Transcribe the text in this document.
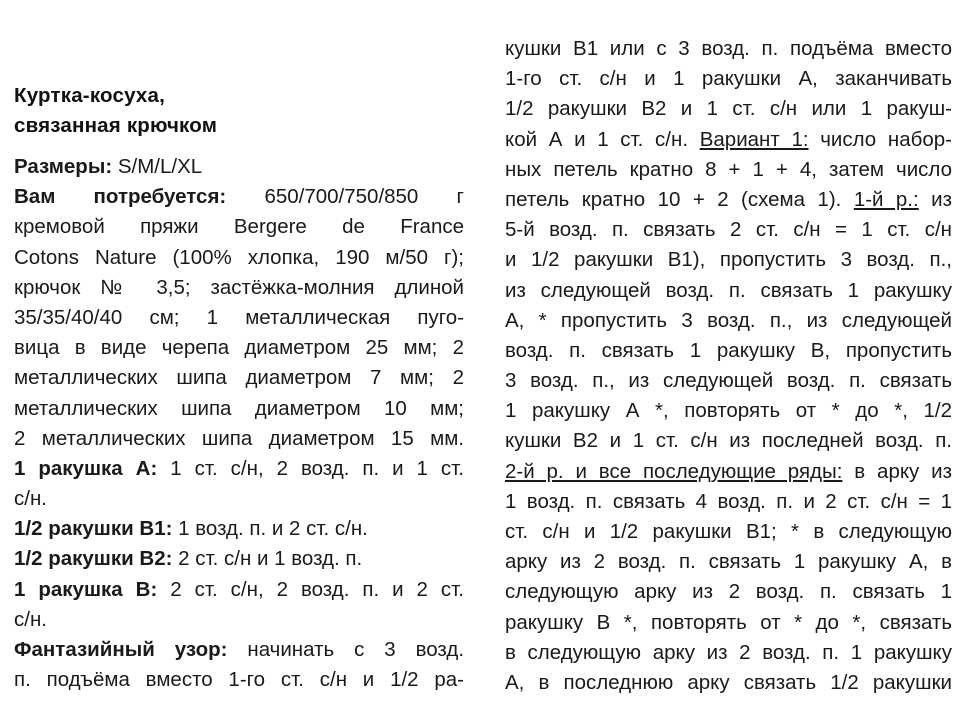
Куртка-косуха,
связанная крючком
Размеры: S/M/L/XL
Вам потребуется: 650/700/750/850 г
кремовой пряжи Bergere de France
Cotons Nature (100% хлопка, 190 м/50 г);
крючок № 3,5; застёжка-молния длиной
35/35/40/40 см; 1 металлическая пуго-
вица в виде черепа диаметром 25 мм; 2
металлических шипа диаметром 7 мм; 2
металлических шипа диаметром 10 мм;
2 металлических шипа диаметром 15 мм.
1 ракушка А: 1 ст. с/н, 2 возд. п. и 1 ст.
с/н.
1/2 ракушки В1: 1 возд. п. и 2 ст. с/н.
1/2 ракушки В2: 2 ст. с/н и 1 возд. п.
1 ракушка В: 2 ст. с/н, 2 возд. п. и 2 ст.
с/н.
Фантазийный узор: начинать с 3 возд.
п. подъёма вместо 1-го ст. с/н и 1/2 ра-
кушки В1 или с 3 возд. п. подъёма вместо
1-го ст. с/н и 1 ракушки А, заканчивать
1/2 ракушки В2 и 1 ст. с/н или 1 ракуш-
кой А и 1 ст. с/н. Вариант 1: число набор-
ных петель кратно 8 + 1 + 4, затем число
петель кратно 10 + 2 (схема 1). 1-й р.: из
5-й возд. п. связать 2 ст. с/н = 1 ст. с/н
и 1/2 ракушки В1), пропустить 3 возд. п.,
из следующей возд. п. связать 1 ракушку
А, * пропустить 3 возд. п., из следующей
возд. п. связать 1 ракушку В, пропустить
3 возд. п., из следующей возд. п. связать
1 ракушку А *, повторять от * до *, 1/2
кушки В2 и 1 ст. с/н из последней возд. п.
2-й р. и все последующие ряды: в арку из
1 возд. п. связать 4 возд. п. и 2 ст. с/н = 1
ст. с/н и 1/2 ракушки В1; * в следующую
арку из 2 возд. п. связать 1 ракушку А, в
следующую арку из 2 возд. п. связать 1
ракушку В *, повторять от * до *, связать
в следующую арку из 2 возд. п. 1 ракушку
А, в последнюю арку связать 1/2 ракушки
